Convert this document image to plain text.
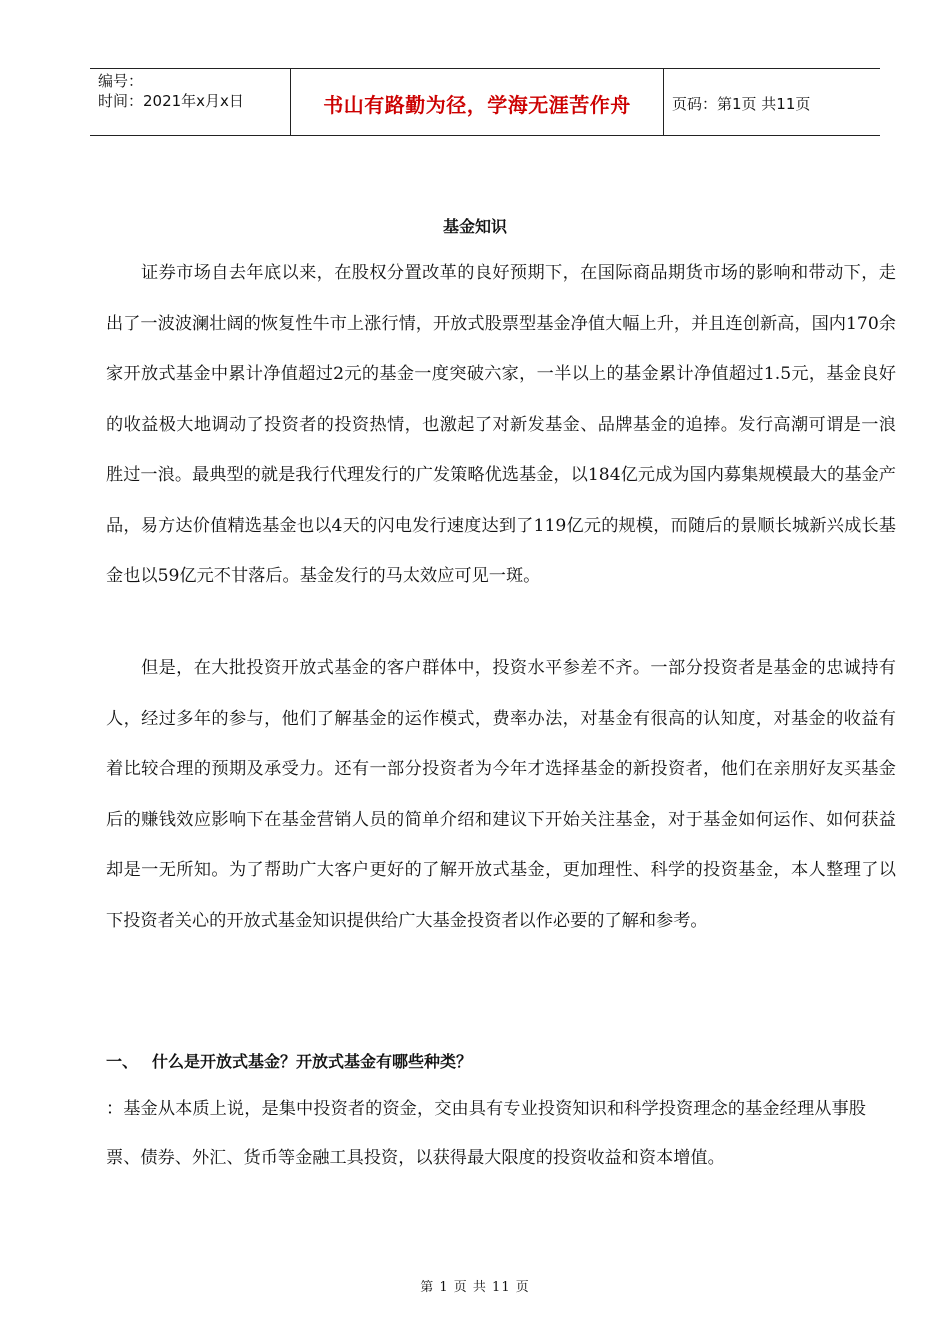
编号：
时间：2021年x月x日	书山有路勤为径，学海无涯苦作舟	页码：第1页 共11页
基金知识

证券市场自去年底以来，在股权分置改革的良好预期下，在国际商品期货市场的影响和带动下，走出了一波波澜壮阔的恢复性牛市上涨行情，开放式股票型基金净值大幅上升，并且连创新高，国内170余家开放式基金中累计净值超过2元的基金一度突破六家，一半以上的基金累计净值超过1.5元，基金良好的收益极大地调动了投资者的投资热情，也激起了对新发基金、品牌基金的追捧。发行高潮可谓是一浪胜过一浪。最典型的就是我行代理发行的广发策略优选基金，以184亿元成为国内募集规模最大的基金产品，易方达价值精选基金也以4天的闪电发行速度达到了119亿元的规模，而随后的景顺长城新兴成长基金也以59亿元不甘落后。基金发行的马太效应可见一斑。

但是，在大批投资开放式基金的客户群体中，投资水平参差不齐。一部分投资者是基金的忠诚持有人，经过多年的参与，他们了解基金的运作模式，费率办法，对基金有很高的认知度，对基金的收益有着比较合理的预期及承受力。还有一部分投资者为今年才选择基金的新投资者，他们在亲朋好友买基金后的赚钱效应影响下在基金营销人员的简单介绍和建议下开始关注基金，对于基金如何运作、如何获益却是一无所知。为了帮助广大客户更好的了解开放式基金，更加理性、科学的投资基金，本人整理了以下投资者关心的开放式基金知识提供给广大基金投资者以作必要的了解和参考。

一、 什么是开放式基金？开放式基金有哪些种类？

：基金从本质上说，是集中投资者的资金，交由具有专业投资知识和科学投资理念的基金经理从事股票、债券、外汇、货币等金融工具投资，以获得最大限度的投资收益和资本增值。

第 1 页 共 11 页
